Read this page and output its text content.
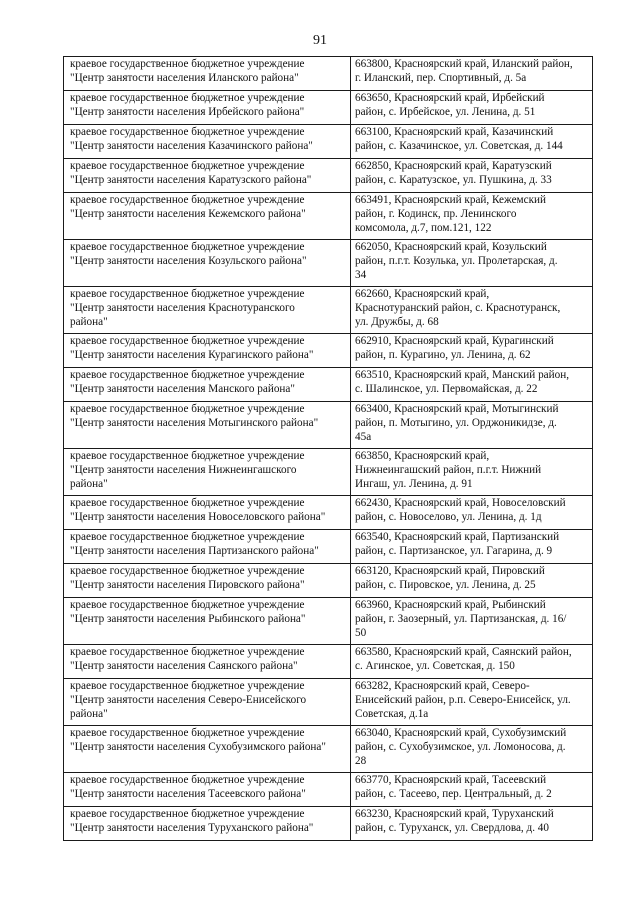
91
краевое государственное бюджетное учреждение
"Центр занятости населения Иланского района"	663800, Красноярский край, Иланский район,
г. Иланский, пер. Спортивный, д. 5а
краевое государственное бюджетное учреждение
"Центр занятости населения Ирбейского района"	663650, Красноярский край, Ирбейский
район, с. Ирбейское, ул. Ленина, д. 51
краевое государственное бюджетное учреждение
"Центр занятости населения Казачинского района"	663100, Красноярский край, Казачинский
район, с. Казачинское, ул. Советская, д. 144
краевое государственное бюджетное учреждение
"Центр занятости населения Каратузского района"	662850, Красноярский край, Каратузский
район, с. Каратузское, ул. Пушкина, д. 33
краевое государственное бюджетное учреждение
"Центр занятости населения Кежемского района"	663491, Красноярский край, Кежемский
район, г. Кодинск, пр. Ленинского
комсомола, д.7, пом.121, 122
краевое государственное бюджетное учреждение
"Центр занятости населения Козульского района"	662050, Красноярский край, Козульский
район, п.г.т. Козулька, ул. Пролетарская, д.
34
краевое государственное бюджетное учреждение
"Центр занятости населения Краснотуранского
района"	662660, Красноярский край,
Краснотуранский район, с. Краснотуранск,
ул. Дружбы, д. 68
краевое государственное бюджетное учреждение
"Центр занятости населения Курагинского района"	662910, Красноярский край, Курагинский
район, п. Курагино, ул. Ленина, д. 62
краевое государственное бюджетное учреждение
"Центр занятости населения Манского района"	663510, Красноярский край, Манский район,
с. Шалинское, ул. Первомайская, д. 22
краевое государственное бюджетное учреждение
"Центр занятости населения Мотыгинского района"	663400, Красноярский край, Мотыгинский
район, п. Мотыгино, ул. Орджоникидзе, д.
45а
краевое государственное бюджетное учреждение
"Центр занятости населения Нижнеингашского
района"	663850, Красноярский край,
Нижнеингашский район, п.г.т. Нижний
Ингаш, ул. Ленина, д. 91
краевое государственное бюджетное учреждение
"Центр занятости населения Новоселовского района"	662430, Красноярский край, Новоселовский
район, с. Новоселово, ул. Ленина, д. 1д
краевое государственное бюджетное учреждение
"Центр занятости населения Партизанского района"	663540, Красноярский край, Партизанский
район, с. Партизанское, ул. Гагарина, д. 9
краевое государственное бюджетное учреждение
"Центр занятости населения Пировского района"	663120, Красноярский край, Пировский
район, с. Пировское, ул. Ленина, д. 25
краевое государственное бюджетное учреждение
"Центр занятости населения Рыбинского района"	663960, Красноярский край, Рыбинский
район, г. Заозерный, ул. Партизанская, д. 16/
50
краевое государственное бюджетное учреждение
"Центр занятости населения Саянского района"	663580, Красноярский край, Саянский район,
с. Агинское, ул. Советская, д. 150
краевое государственное бюджетное учреждение
"Центр занятости населения Северо-Енисейского
района"	663282, Красноярский край, Северо-
Енисейский район, р.п. Северо-Енисейск, ул.
Советская, д.1а
краевое государственное бюджетное учреждение
"Центр занятости населения Сухобузимского района"	663040, Красноярский край, Сухобузимский
район, с. Сухобузимское, ул. Ломоносова, д.
28
краевое государственное бюджетное учреждение
"Центр занятости населения Тасеевского района"	663770, Красноярский край, Тасеевский
район, с. Тасеево, пер. Центральный, д. 2
краевое государственное бюджетное учреждение
"Центр занятости населения Туруханского района"	663230, Красноярский край, Туруханский
район, с. Туруханск, ул. Свердлова, д. 40
